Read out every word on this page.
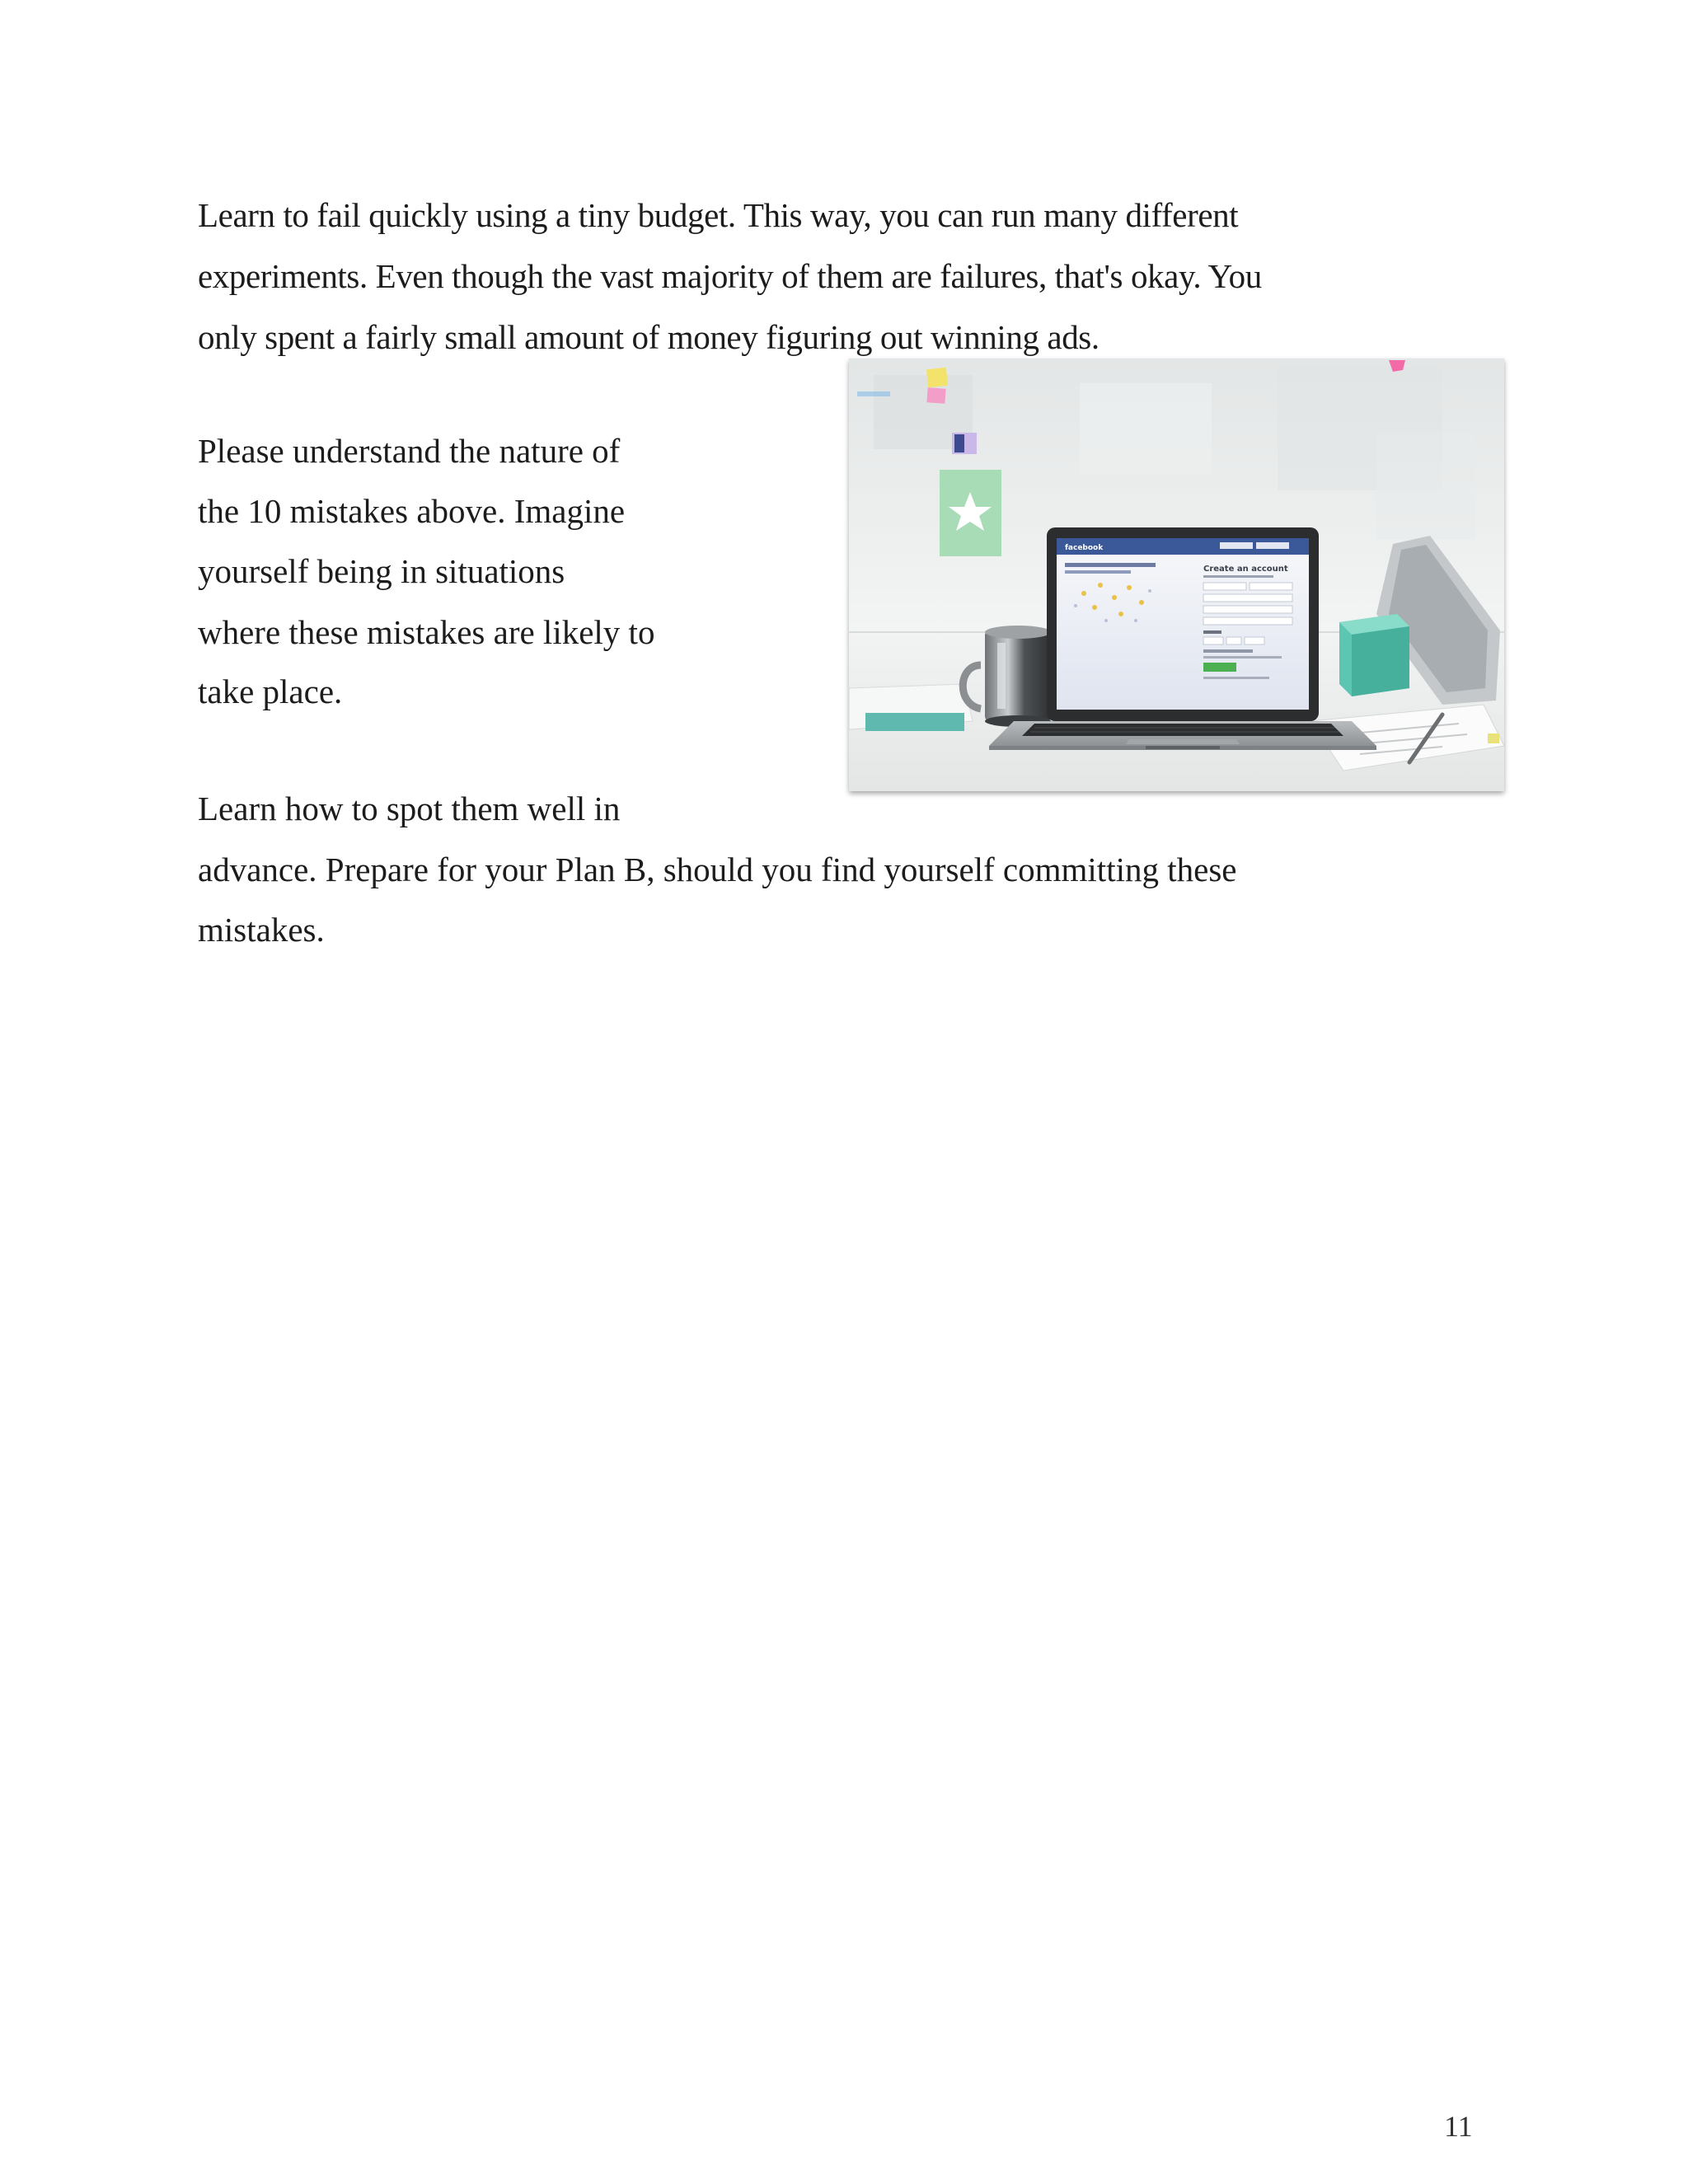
Learn to fail quickly using a tiny budget. This way, you can run many different
experiments. Even though the vast majority of them are failures, that's okay. You
only spent a fairly small amount of money figuring out winning ads.
Please understand the nature of
the 10 mistakes above. Imagine
yourself being in situations
where these mistakes are likely to
take place.
Learn how to spot them well in
advance. Prepare for your Plan B, should you find yourself committing these
mistakes.
facebook
Create an account
11
